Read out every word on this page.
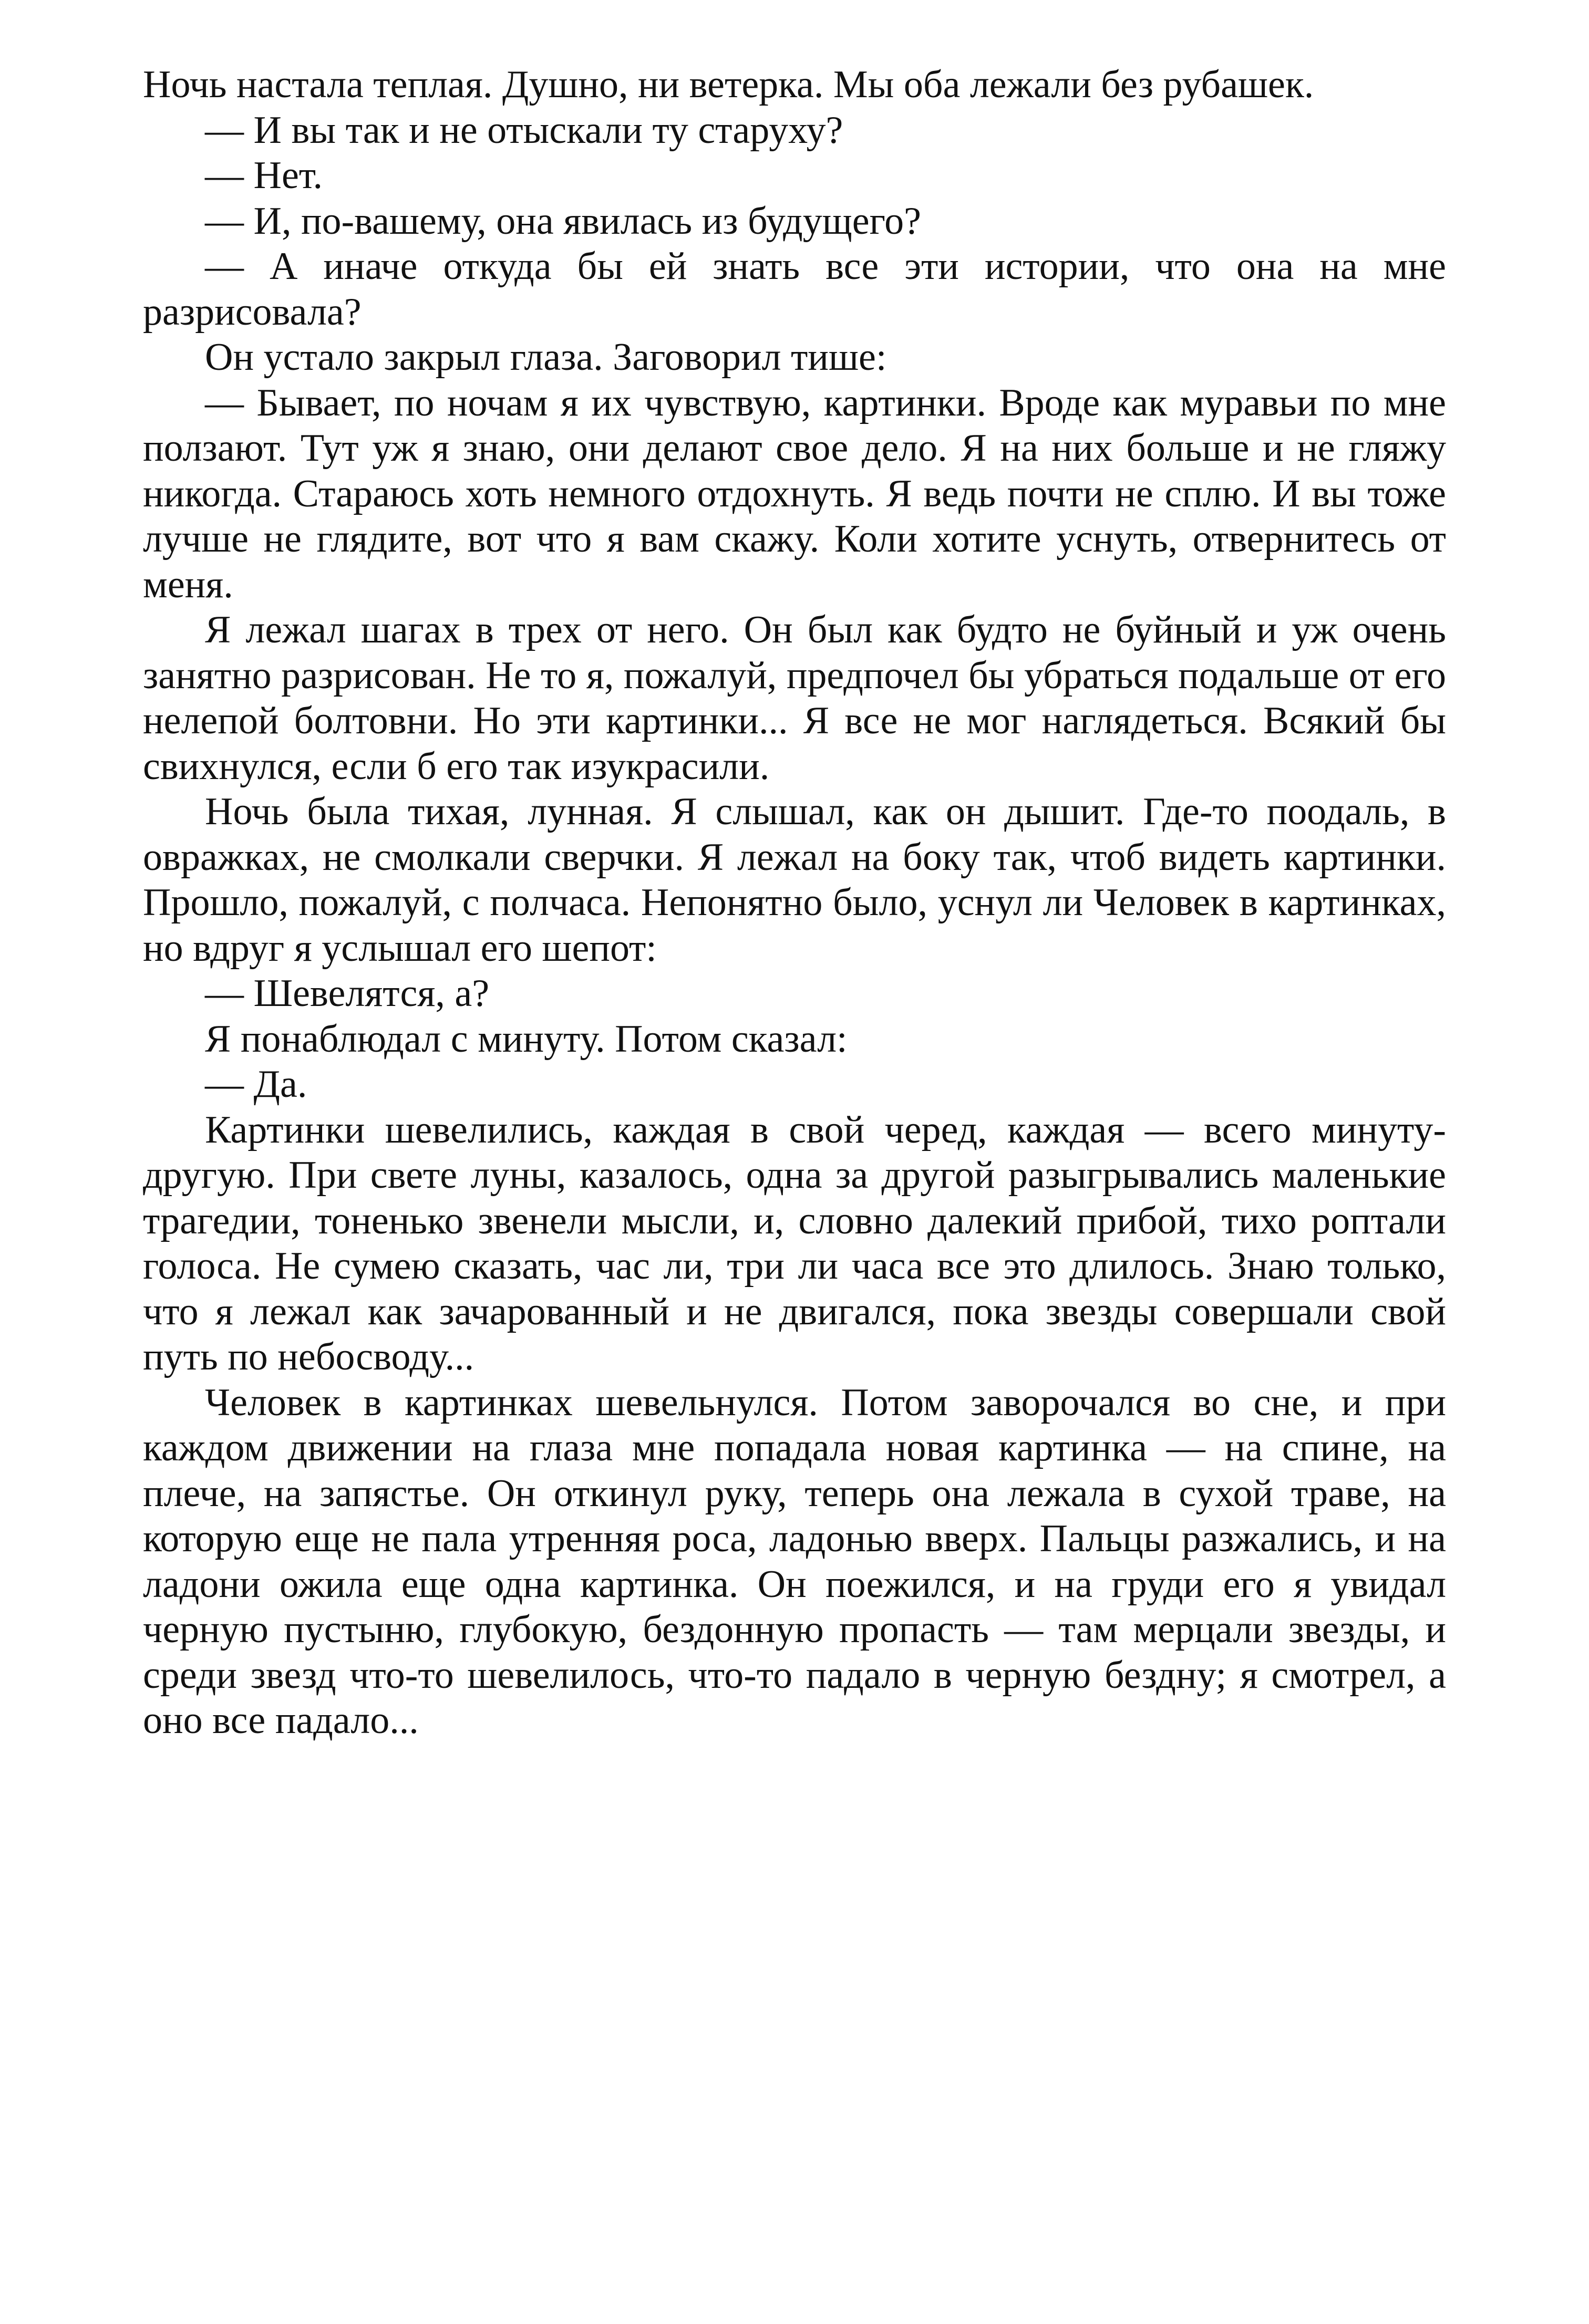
Ночь настала теплая. Душно, ни ветерка. Мы оба лежали без рубашек.

— И вы так и не отыскали ту старуху?

— Нет.

— И, по-вашему, она явилась из будущего?

— А иначе откуда бы ей знать все эти истории, что она на мне разрисовала?

Он устало закрыл глаза. Заговорил тише:

— Бывает, по ночам я их чувствую, картинки. Вроде как муравьи по мне ползают. Тут уж я знаю, они делают свое дело. Я на них больше и не гляжу никогда. Стараюсь хоть немного отдохнуть. Я ведь почти не сплю. И вы тоже лучше не глядите, вот что я вам скажу. Коли хотите уснуть, отвернитесь от меня.

Я лежал шагах в трех от него. Он был как будто не буйный и уж очень занятно разрисован. Не то я, пожалуй, предпочел бы убраться подальше от его нелепой болтовни. Но эти картинки... Я все не мог наглядеться. Всякий бы свихнулся, если б его так изукрасили.

Ночь была тихая, лунная. Я слышал, как он дышит. Где-то поодаль, в овражках, не смолкали сверчки. Я лежал на боку так, чтоб видеть картинки. Прошло, пожалуй, с полчаса. Непонятно было, уснул ли Человек в картинках, но вдруг я услышал его шепот:

— Шевелятся, а?

Я понаблюдал с минуту. Потом сказал:

— Да.

Картинки шевелились, каждая в свой черед, каждая — всего минуту-другую. При свете луны, казалось, одна за другой разыгрывались маленькие трагедии, тоненько звенели мысли, и, словно далекий прибой, тихо роптали голоса. Не сумею сказать, час ли, три ли часа все это длилось. Знаю только, что я лежал как зачарованный и не двигался, пока звезды совершали свой путь по небосводу...

Человек в картинках шевельнулся. Потом заворочался во сне, и при каждом движении на глаза мне попадала новая картинка — на спине, на плече, на запястье. Он откинул руку, теперь она лежала в сухой траве, на которую еще не пала утренняя роса, ладонью вверх. Пальцы разжались, и на ладони ожила еще одна картинка. Он поежился, и на груди его я увидал черную пустыню, глубокую, бездонную пропасть — там мерцали звезды, и среди звезд что-то шевелилось, что-то падало в черную бездну; я смотрел, а оно все падало...
